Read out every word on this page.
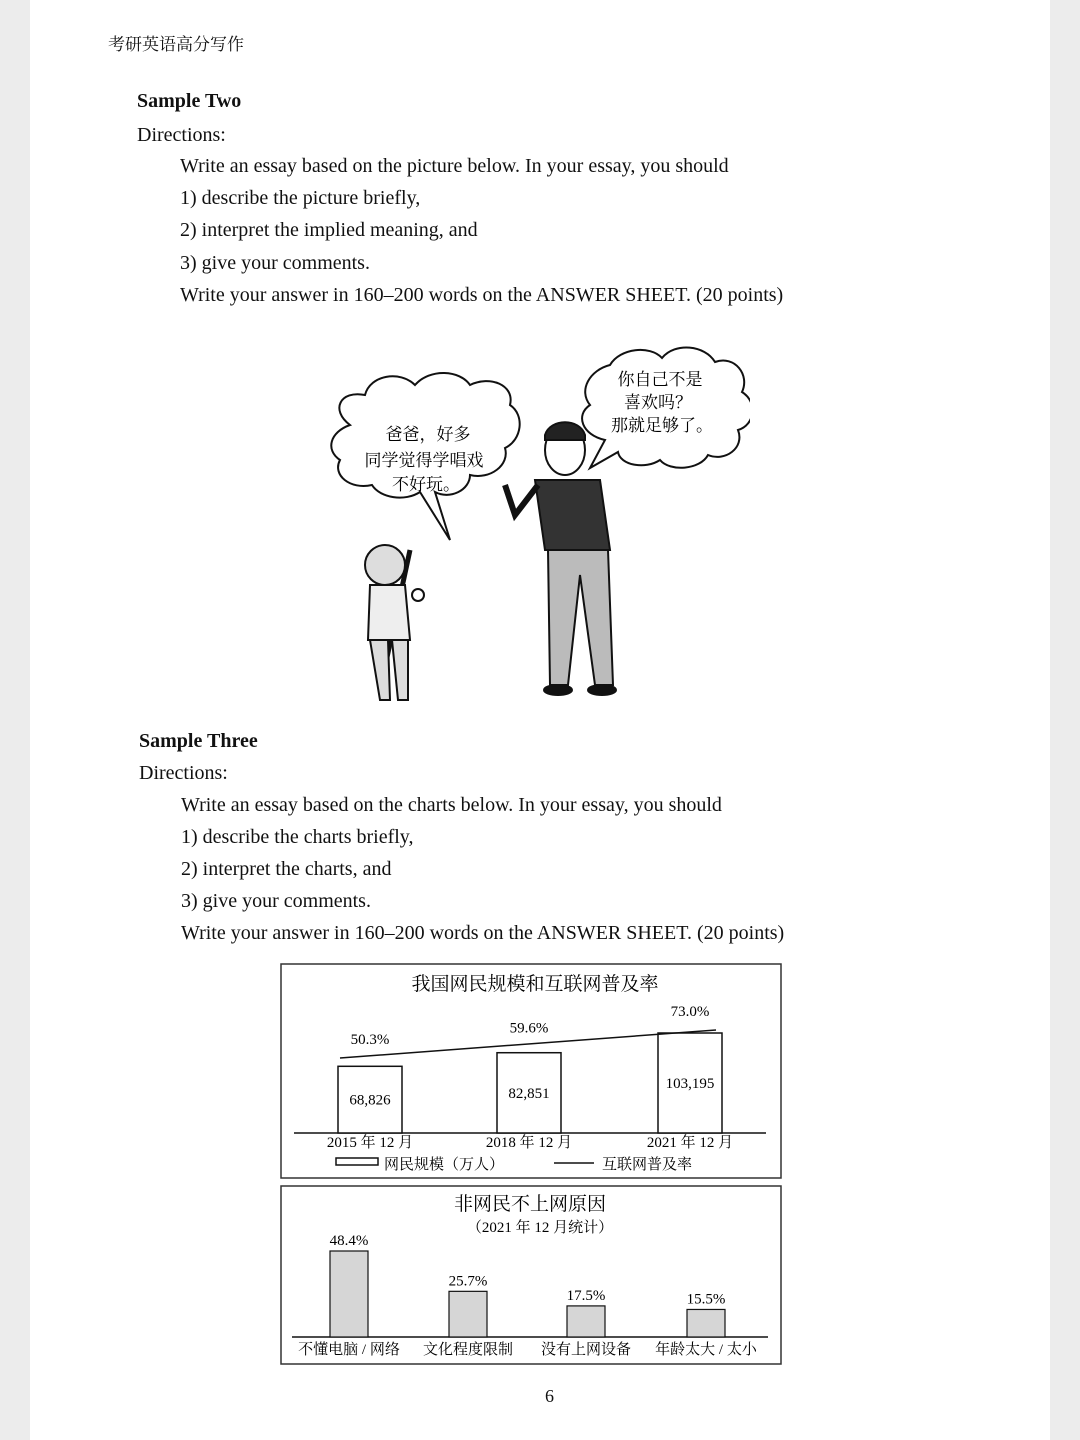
考研英语高分写作
Sample Two
Directions:
Write an essay based on the picture below. In your essay, you should
1) describe the picture briefly,
2) interpret the implied meaning, and
3) give your comments.
Write your answer in 160–200 words on the ANSWER SHEET. (20 points)
爸爸，好多
同学觉得学唱戏
不好玩。
你自己不是
喜欢吗？
那就足够了。
Sample Three
Directions:
Write an essay based on the charts below. In your essay, you should
1) describe the charts briefly,
2) interpret the charts, and
3) give your comments.
Write your answer in 160–200 words on the ANSWER SHEET. (20 points)
我国网民规模和互联网普及率
68,826
2015 年 12 月
82,851
2018 年 12 月
103,195
2021 年 12 月
50.3%
59.6%
73.0%
网民规模（万人）	互联网普及率
非网民不上网原因
（2021 年 12 月统计）
48.4%
不懂电脑 / 网络
25.7%
文化程度限制
17.5%
没有上网设备
15.5%
年龄太大 / 太小
6
